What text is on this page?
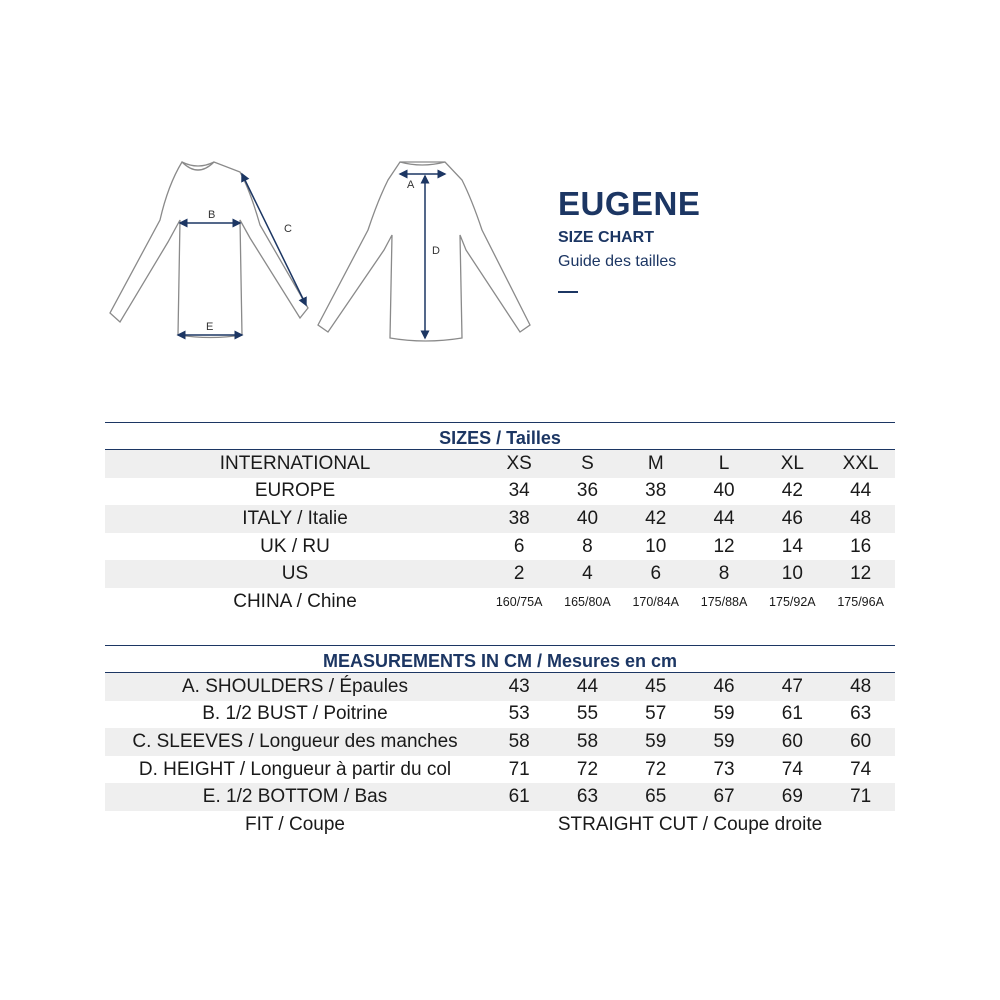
B
E
C
A
D
EUGENE
SIZE CHART
Guide des tailles
SIZES / Tailles
INTERNATIONAL	XS	S	M	L	XL	XXL
EUROPE	34	36	38	40	42	44
ITALY / Italie	38	40	42	44	46	48
UK / RU	6	8	10	12	14	16
US	2	4	6	8	10	12
CHINA / Chine	160/75A	165/80A	170/84A	175/88A	175/92A	175/96A
MEASUREMENTS IN CM / Mesures en cm
A. SHOULDERS / Épaules	43	44	45	46	47	48
B. 1/2 BUST / Poitrine	53	55	57	59	61	63
C. SLEEVES / Longueur des manches	58	58	59	59	60	60
D. HEIGHT / Longueur à partir du col	71	72	72	73	74	74
E. 1/2 BOTTOM / Bas	61	63	65	67	69	71
FIT / Coupe	STRAIGHT CUT / Coupe droite
